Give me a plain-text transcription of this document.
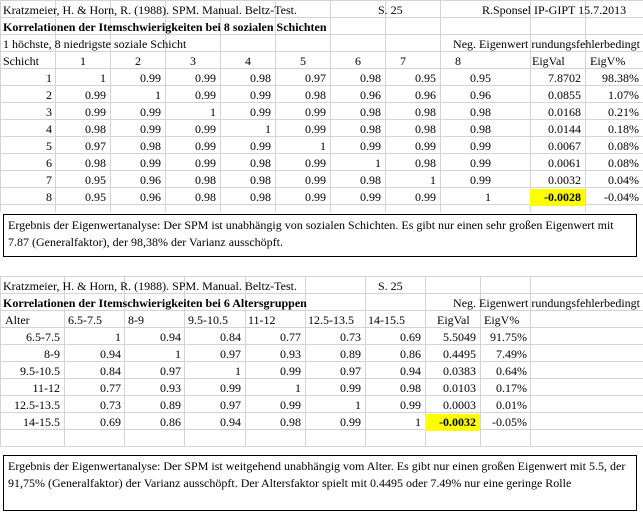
Kratzmeier, H. & Horn, R. (1988). SPM. Manual. Beltz-Test.	S. 25	R.Sponsel IP-GIPT 15.7.2013
Korrelationen der Itemschwierigkeiten bei 8 sozialen Schichten
1 höchste, 8 niedrigste soziale Schicht	Neg. Eigenwert rundungsfehlerbedingt
Schicht	1	2	3	4	5	6	7	8	EigVal	EigV%
1	1	0.99	0.99	0.98	0.97	0.98	0.95	0.95	7.8702	98.38%
2	0.99	1	0.99	0.99	0.98	0.96	0.96	0.96	0.0855	1.07%
3	0.99	0.99	1	0.99	0.99	0.98	0.98	0.98	0.0168	0.21%
4	0.98	0.99	0.99	1	0.99	0.98	0.98	0.98	0.0144	0.18%
5	0.97	0.98	0.99	0.99	1	0.99	0.99	0.99	0.0067	0.08%
6	0.98	0.99	0.99	0.98	0.99	1	0.98	0.99	0.0061	0.08%
7	0.95	0.96	0.98	0.98	0.99	0.98	1	0.99	0.0032	0.04%
8	0.95	0.96	0.98	0.98	0.99	0.99	0.99	1	-0.0028	-0.04%
Ergebnis der Eigenwertanalyse: Der SPM ist unabhängig von sozialen Schichten. Es gibt nur einen sehr großen Eigenwert mit 7.87 (Generalfaktor), der 98,38% der Varianz ausschöpft.
Kratzmeier, H. & Horn, R. (1988). SPM. Manual. Beltz-Test.	S. 25
Korrelationen der Itemschwierigkeiten bei 6 Altersgruppen	Neg. Eigenwert rundungsfehlerbedingt
Alter	6.5-7.5	8-9	9.5-10.5	11-12	12.5-13.5	14-15.5	EigVal	EigV%
6.5-7.5	1	0.94	0.84	0.77	0.73	0.69	5.5049	91.75%
8-9	0.94	1	0.97	0.93	0.89	0.86	0.4495	7.49%
9.5-10.5	0.84	0.97	1	0.99	0.97	0.94	0.0383	0.64%
11-12	0.77	0.93	0.99	1	0.99	0.98	0.0103	0.17%
12.5-13.5	0.73	0.89	0.97	0.99	1	0.99	0.0003	0.01%
14-15.5	0.69	0.86	0.94	0.98	0.99	1	-0.0032	-0.05%
Ergebnis der Eigenwertanalyse: Der SPM ist weitgehend unabhängig vom Alter. Es gibt nur einen großen Eigenwert mit 5.5, der 91,75% (Generalfaktor) der Varianz ausschöpft. Der Altersfaktor spielt mit 0.4495 oder 7.49% nur eine geringe Rolle
